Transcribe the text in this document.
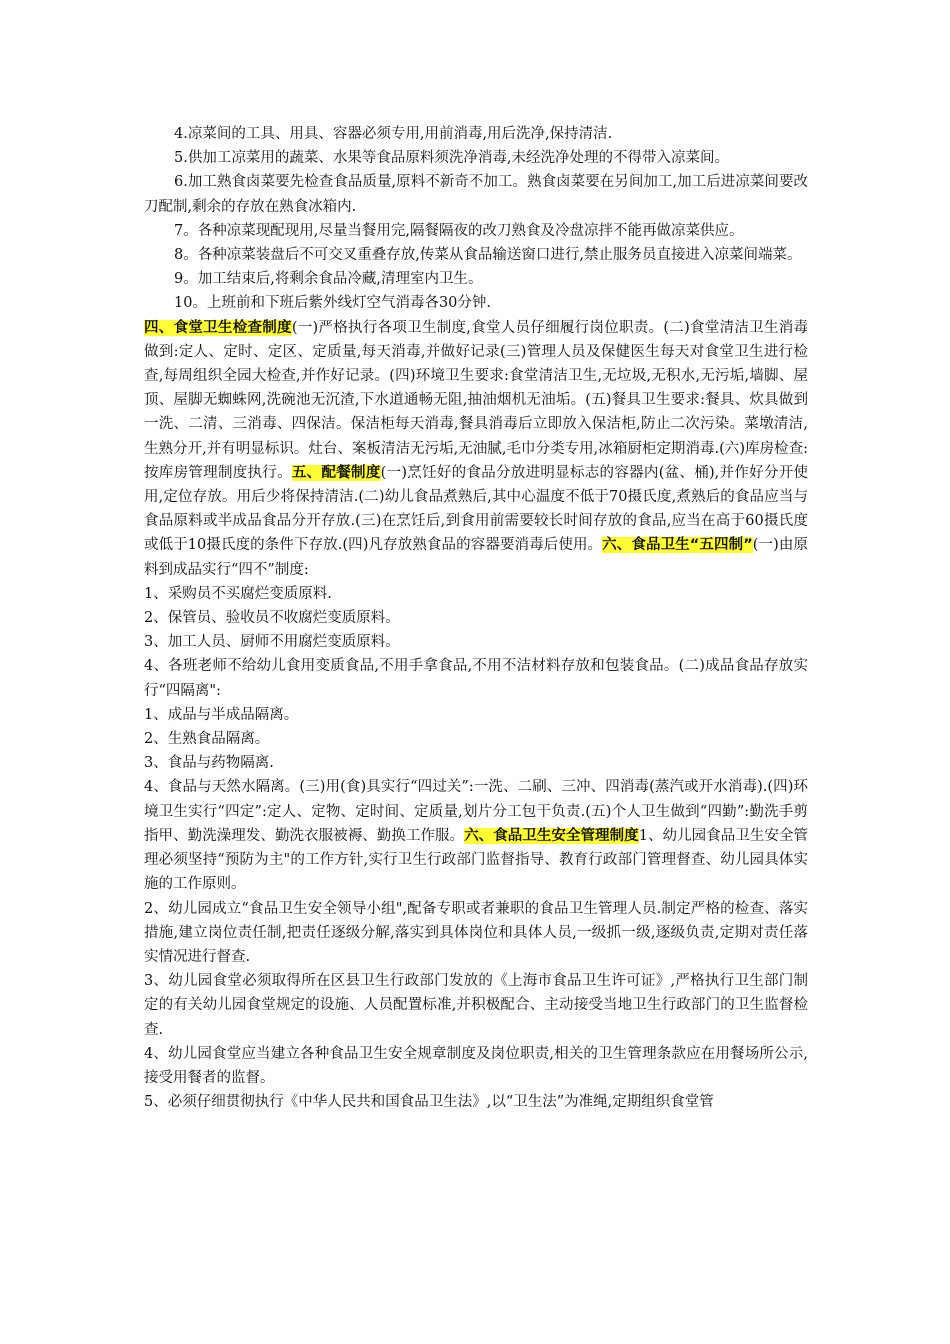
4.凉菜间的工具、用具、容器必须专用,用前消毒,用后洗净,保持清洁.

5.供加工凉菜用的蔬菜、水果等食品原料须洗净消毒,未经洗净处理的不得带入凉菜间。

6.加工熟食卤菜要先检查食品质量,原料不新奇不加工。熟食卤菜要在另间加工,加工后进凉菜间要改刀配制,剩余的存放在熟食冰箱内.

7。各种凉菜现配现用,尽量当餐用完,隔餐隔夜的改刀熟食及冷盘凉拌不能再做凉菜供应。

8。各种凉菜装盘后不可交叉重叠存放,传菜从食品输送窗口进行,禁止服务员直接进入凉菜间端菜。

9。加工结束后,将剩余食品冷藏,清理室内卫生。

10。上班前和下班后紫外线灯空气消毒各30分钟.

四、食堂卫生检查制度(一)严格执行各项卫生制度,食堂人员仔细履行岗位职责。(二)食堂清洁卫生消毒做到:定人、定时、定区、定质量,每天消毒,并做好记录(三)管理人员及保健医生每天对食堂卫生进行检查,每周组织全园大检查,并作好记录。(四)环境卫生要求:食堂清洁卫生,无垃圾,无积水,无污垢,墙脚、屋顶、屋脚无蜘蛛网,洗碗池无沉渣,下水道通畅无阻,抽油烟机无油垢。(五)餐具卫生要求:餐具、炊具做到一洗、二清、三消毒、四保洁。保洁柜每天消毒,餐具消毒后立即放入保洁柜,防止二次污染。菜墩清洁,生熟分开,并有明显标识。灶台、案板清洁无污垢,无油腻,毛巾分类专用,冰箱厨柜定期消毒.(六)库房检查:按库房管理制度执行。五、配餐制度(一)烹饪好的食品分放进明显标志的容器内(盆、桶),并作好分开使用,定位存放。用后少将保持清洁.(二)幼儿食品煮熟后,其中心温度不低于70摄氏度,煮熟后的食品应当与食品原料或半成品食品分开存放.(三)在烹饪后,到食用前需要较长时间存放的食品,应当在高于60摄氏度或低于10摄氏度的条件下存放.(四)凡存放熟食品的容器要消毒后使用。六、食品卫生“五四制”(一)由原料到成品实行“四不”制度:

1、采购员不买腐烂变质原料.

2、保管员、验收员不收腐烂变质原料。

3、加工人员、厨师不用腐烂变质原料。

4、各班老师不给幼儿食用变质食品,不用手拿食品,不用不洁材料存放和包装食品。(二)成品食品存放实行“四隔离":

1、成品与半成品隔离。

2、生熟食品隔离。

3、食品与药物隔离.

4、食品与天然水隔离。(三)用(食)具实行“四过关”:一洗、二刷、三冲、四消毒(蒸汽或开水消毒).(四)环境卫生实行“四定”:定人、定物、定时间、定质量,划片分工包干负责.(五)个人卫生做到“四勤”:勤洗手剪指甲、勤洗澡理发、勤洗衣服被褥、勤换工作服。六、食品卫生安全管理制度1、幼儿园食品卫生安全管理必须坚持“预防为主"的工作方针,实行卫生行政部门监督指导、教育行政部门管理督查、幼儿园具体实施的工作原则。

2、幼儿园成立“食品卫生安全领导小组",配备专职或者兼职的食品卫生管理人员.制定严格的检查、落实措施,建立岗位责任制,把责任逐级分解,落实到具体岗位和具体人员,一级抓一级,逐级负责,定期对责任落实情况进行督查.

3、幼儿园食堂必须取得所在区县卫生行政部门发放的《上海市食品卫生许可证》,严格执行卫生部门制定的有关幼儿园食堂规定的设施、人员配置标准,并积极配合、主动接受当地卫生行政部门的卫生监督检查.

4、幼儿园食堂应当建立各种食品卫生安全规章制度及岗位职责,相关的卫生管理条款应在用餐场所公示,接受用餐者的监督。

5、必须仔细贯彻执行《中华人民共和国食品卫生法》,以“卫生法”为准绳,定期组织食堂管
